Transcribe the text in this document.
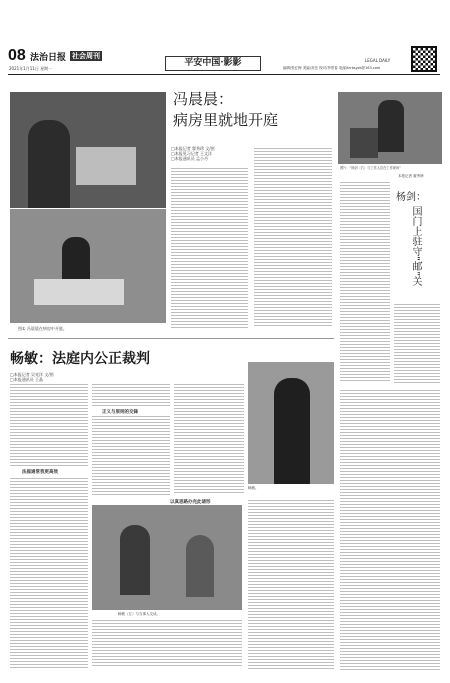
08 法治日报 社会周刊
2021年1月11日 星期一
平安中国·影影	编辑/张红梅 美编/高岳 校对/李景春 电邮/fzrbsyzk@163.com
LEGAL DAILY
图① 冯晨晨在病房中开庭。
冯晨晨：
病房里就地开庭
□本报记者 翟秀珍 文/图
□本报见习记者 王文洋
□本报通讯员 孟小丹
图片：“杨剑（右）与工作人员在工作现场”
本报记者 翟秀珍
杨剑：
国门上驻守“邮”关
畅敏：法庭内公正裁判
□本报记者 吴亮洋 文/图
□本报通讯员 王晶
法庭通常我更高效
正义与原则的交锋
以真思路办完此诸形
畅敏。
畅敏（左）与当事人交谈。
